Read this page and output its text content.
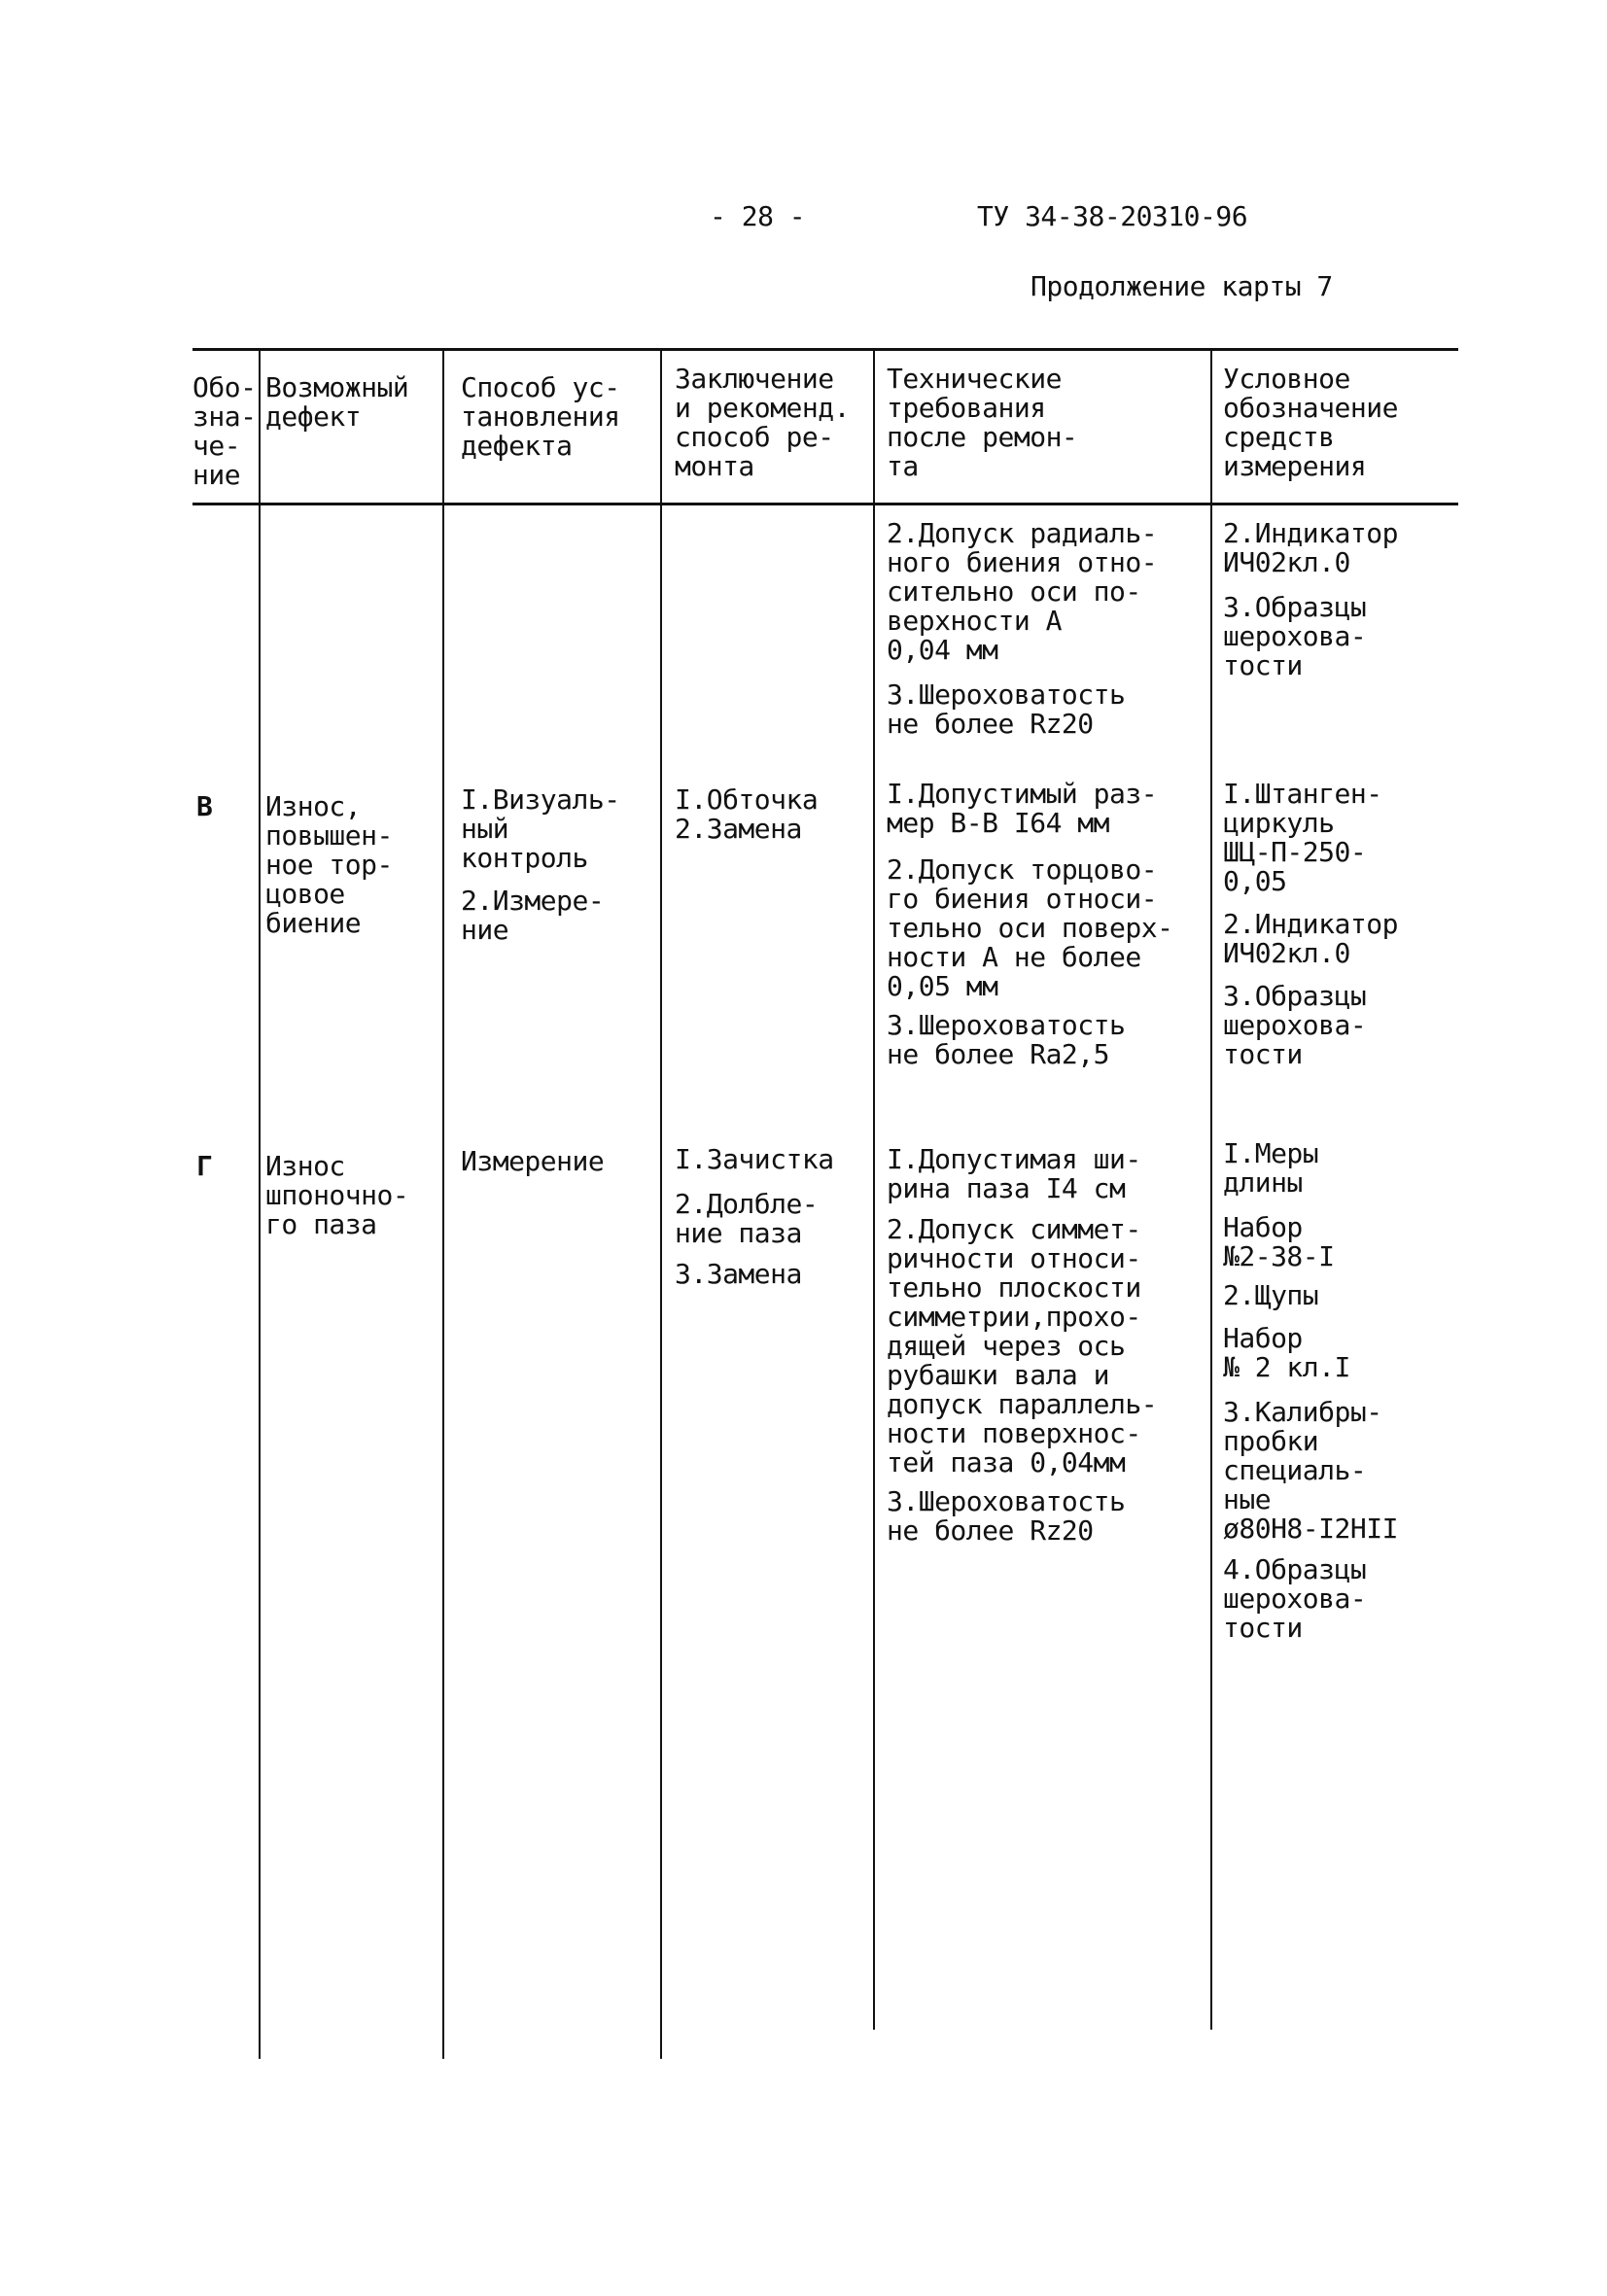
- 28 -	ТУ 34-38-20310-96
Продолжение карты 7
Обо-
зна-
че-
ние
Возможный
дефект
Способ ус-
тановления
дефекта
Заключение
и рекоменд.
способ ре-
монта
Технические
требования
после ремон-
та
Условное
обозначение
средств
измерения
2.Допуск радиаль-
ного биения отно-
сительно оси по-
верхности А
0,04 мм
3.Шероховатость
не более Rz20
2.Индикатор
ИЧ02кл.0
3.Образцы
шерохова-
тости
В Износ,
повышен-
ное тор-
цовое
биение
I.Визуаль-
ный
контроль
2.Измере-
ние
I.Обточка
2.Замена
I.Допустимый раз-
мер В-В I64 мм
2.Допуск торцово-
го биения относи-
тельно оси поверх-
ности А не более
0,05 мм
3.Шероховатость
не более Ra2,5
I.Штанген-
циркуль
ШЦ-П-250-
0,05
2.Индикатор
ИЧ02кл.0
3.Образцы
шерохова-
тости
Г Износ
шпоночно-
го паза
Измерение	I.Зачистка
2.Долбле-
ние паза
3.Замена
I.Допустимая ши-
рина паза I4 см
2.Допуск симмет-
ричности относи-
тельно плоскости
симметрии,прохо-
дящей через ось
рубашки вала и
допуск параллель-
ности поверхнос-
тей паза 0,04мм
3.Шероховатость
не более Rz20
I.Меры
длины
Набор
№2-38-I
2.Щупы
Набор
№ 2 кл.I
3.Калибры-
пробки
специаль-
ные
ø80H8-I2HII
4.Образцы
шерохова-
тости
